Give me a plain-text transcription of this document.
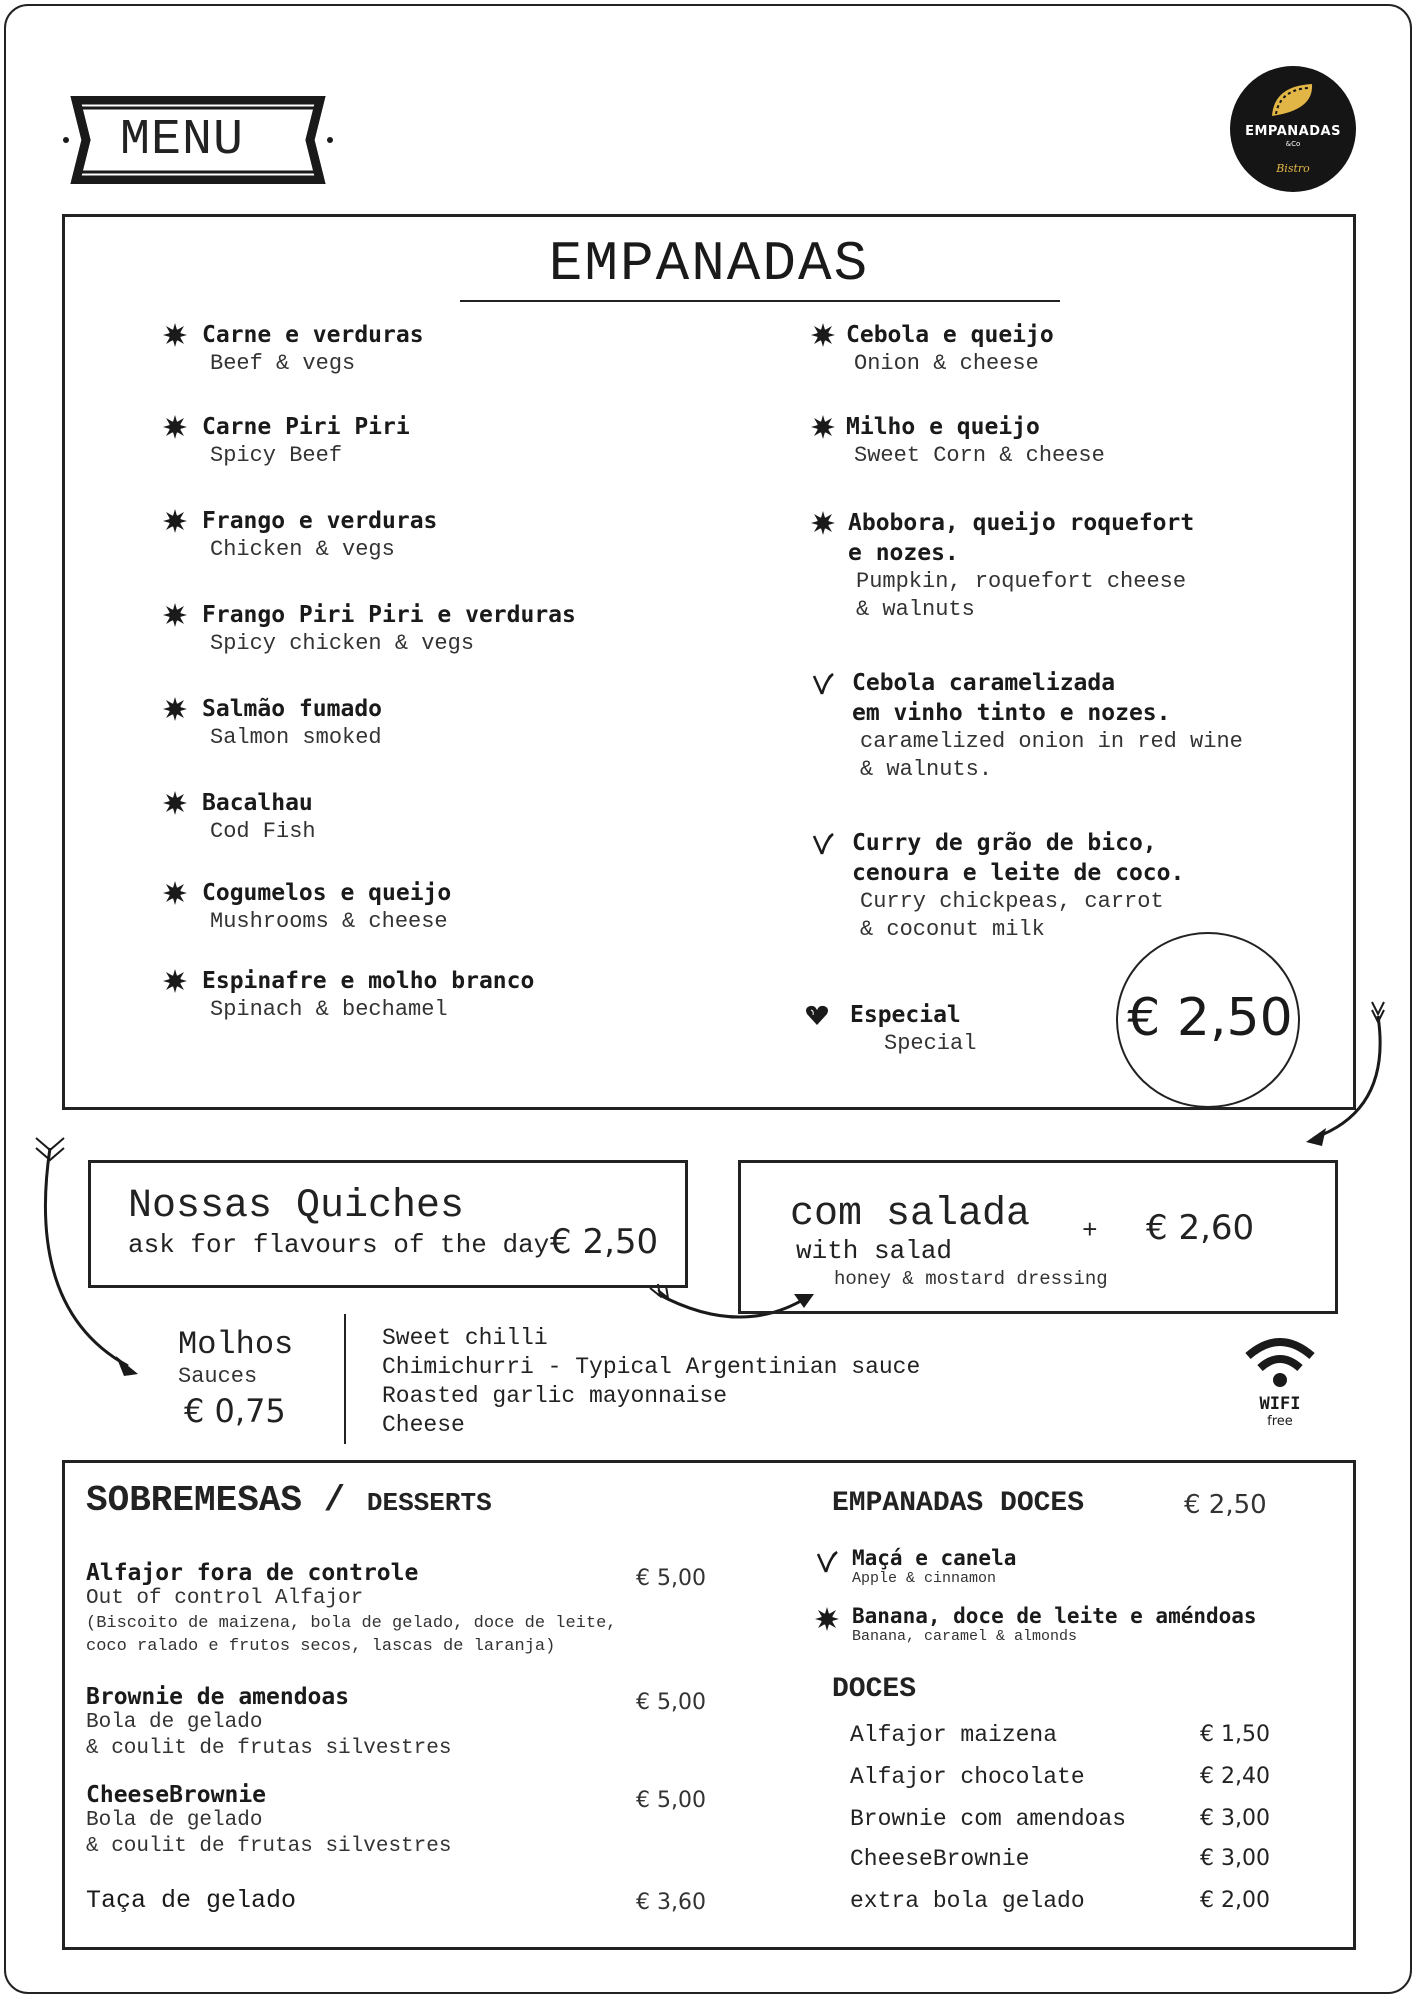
MENU	EMPANADAS
&Co
Bistro
EMPANADAS
Carne e verduras
Beef & vegs
Carne Piri Piri
Spicy Beef
Frango e verduras
Chicken & vegs
Frango Piri Piri e verduras
Spicy chicken & vegs
Salmão fumado
Salmon smoked
Bacalhau
Cod Fish
Cogumelos e queijo
Mushrooms & cheese
Espinafre e molho branco
Spinach & bechamel
Cebola e queijo
Onion & cheese
Milho e queijo
Sweet Corn & cheese
Abobora, queijo roquefort
e nozes.
Pumpkin, roquefort cheese
& walnuts
Cebola caramelizada
em vinho tinto e nozes.
caramelized onion in red wine
& walnuts.
Curry de grão de bico,
cenoura e leite de coco.
Curry chickpeas, carrot
& coconut milk
Especial
Special	€ 2,50
Nossas Quiches
ask for flavours of the day € 2,50
com salada
with salad
honey & mostard dressing
+ € 2,60
Molhos
Sauces
€ 0,75
Sweet chilli
Chimichurri - Typical Argentinian sauce
Roasted garlic mayonnaise
Cheese
WIFI
free
SOBREMESAS / DESSERTS
Alfajor fora de controle
Out of control Alfajor
(Biscoito de maizena, bola de gelado, doce de leite,
coco ralado e frutos secos, lascas de laranja)
€ 5,00
Brownie de amendoas
Bola de gelado
& coulit de frutas silvestres
€ 5,00
CheeseBrownie
Bola de gelado
& coulit de frutas silvestres
€ 5,00
Taça de gelado	€ 3,60
EMPANADAS DOCES	€ 2,50
Maçá e canela
Apple & cinnamon
Banana, doce de leite e améndoas
Banana, caramel & almonds
DOCES
Alfajor maizena	€ 1,50
Alfajor chocolate	€ 2,40
Brownie com amendoas	€ 3,00
CheeseBrownie	€ 3,00
extra bola gelado	€ 2,00
